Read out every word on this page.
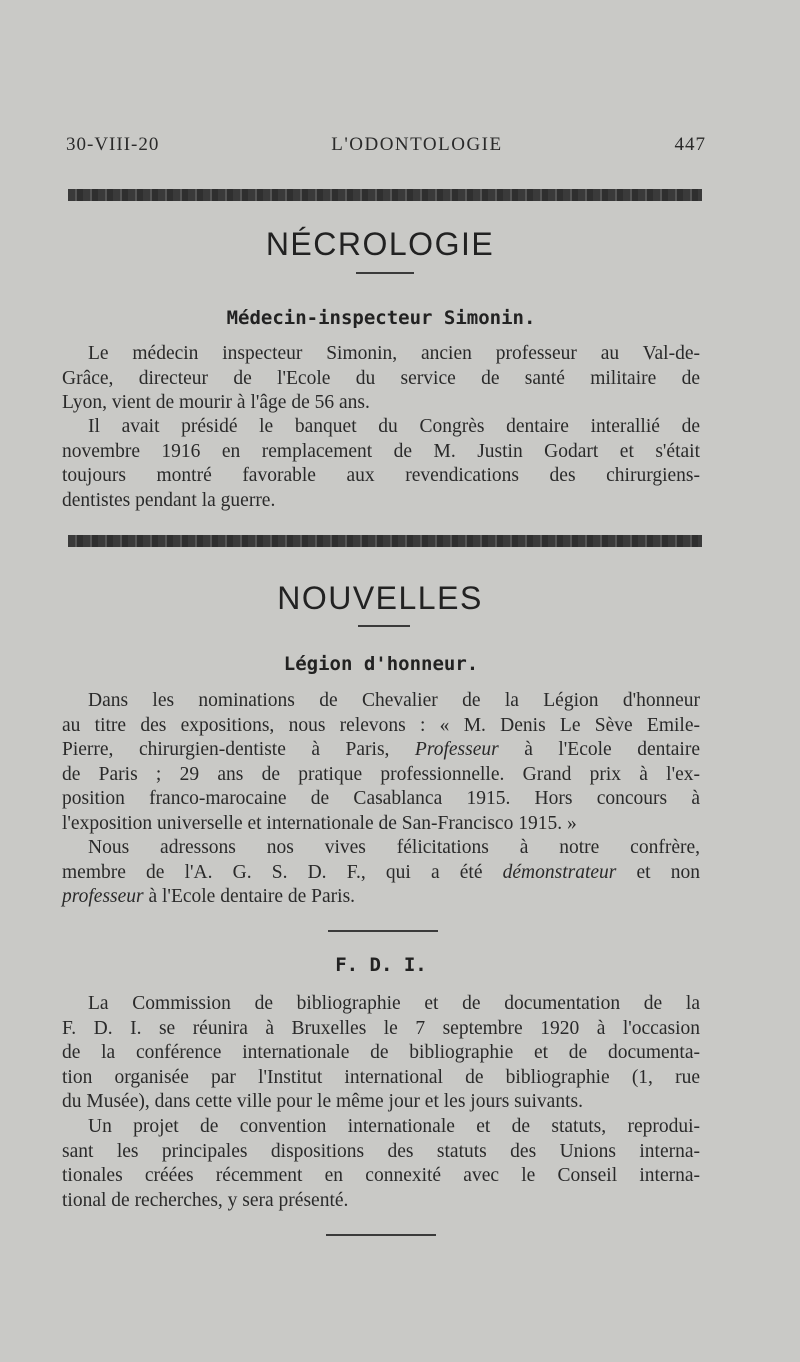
30-VIII-20	L'ODONTOLOGIE	447
NÉCROLOGIE
Médecin-inspecteur Simonin.
Le médecin inspecteur Simonin, ancien professeur au Val-de-
Grâce, directeur de l'Ecole du service de santé militaire de
Lyon, vient de mourir à l'âge de 56 ans.
Il avait présidé le banquet du Congrès dentaire interallié de
novembre 1916 en remplacement de M. Justin Godart et s'était
toujours montré favorable aux revendications des chirurgiens-
dentistes pendant la guerre.
NOUVELLES
Légion d'honneur.
Dans les nominations de Chevalier de la Légion d'honneur
au titre des expositions, nous relevons : « M. Denis Le Sève Emile-
Pierre, chirurgien-dentiste à Paris, Professeur à l'Ecole dentaire
de Paris ; 29 ans de pratique professionnelle. Grand prix à l'ex-
position franco-marocaine de Casablanca 1915. Hors concours à
l'exposition universelle et internationale de San-Francisco 1915. »
Nous adressons nos vives félicitations à notre confrère,
membre de l'A. G. S. D. F., qui a été démonstrateur et non
professeur à l'Ecole dentaire de Paris.
F. D. I.
La Commission de bibliographie et de documentation de la
F. D. I. se réunira à Bruxelles le 7 septembre 1920 à l'occasion
de la conférence internationale de bibliographie et de documenta-
tion organisée par l'Institut international de bibliographie (1, rue
du Musée), dans cette ville pour le même jour et les jours suivants.
Un projet de convention internationale et de statuts, reprodui-
sant les principales dispositions des statuts des Unions interna-
tionales créées récemment en connexité avec le Conseil interna-
tional de recherches, y sera présenté.
